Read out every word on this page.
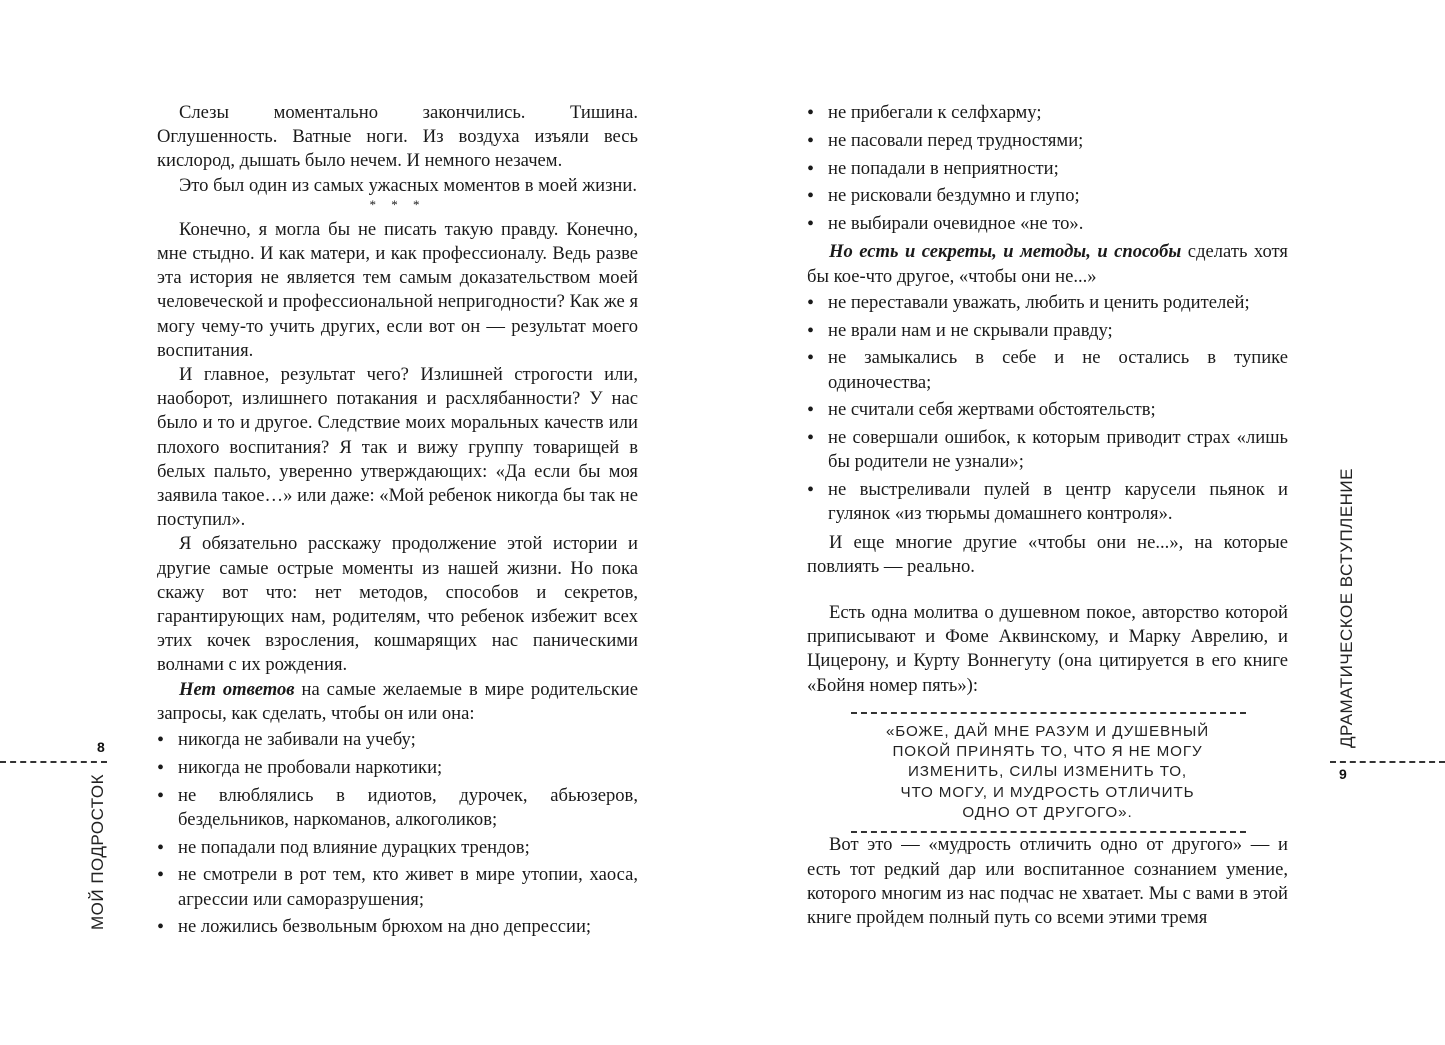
8
МОЙ ПОДРОСТОК

Слезы моментально закончились. Тишина. Оглушенность. Ватные ноги. Из воздуха изъяли весь кислород, дышать было нечем. И немного незачем.

Это был один из самых ужасных моментов в моей жизни.

* * *

Конечно, я могла бы не писать такую правду. Конечно, мне стыдно. И как матери, и как профессионалу. Ведь разве эта история не является тем самым доказательством моей человеческой и профессиональной непригодности? Как же я могу чему-то учить других, если вот он — результат моего воспитания.

И главное, результат чего? Излишней строгости или, наоборот, излишнего потакания и расхлябанности? У нас было и то и другое. Следствие моих моральных качеств или плохого воспитания? Я так и вижу группу товарищей в белых пальто, уверенно утверждающих: «Да если бы моя заявила такое…» или даже: «Мой ребенок никогда бы так не поступил».

Я обязательно расскажу продолжение этой истории и другие самые острые моменты из нашей жизни. Но пока скажу вот что: нет методов, способов и секретов, гарантирующих нам, родителям, что ребенок избежит всех этих кочек взросления, кошмарящих нас паническими волнами с их рождения.

Нет ответов на самые желаемые в мире родительские запросы, как сделать, чтобы он или она:

• никогда не забивали на учебу;
• никогда не пробовали наркотики;
• не влюблялись в идиотов, дурочек, абьюзеров, бездельников, наркоманов, алкоголиков;
• не попадали под влияние дурацких трендов;
• не смотрели в рот тем, кто живет в мире утопии, хаоса, агрессии или саморазрушения;
• не ложились безвольным брюхом на дно депрессии;
9
ДРАМАТИЧЕСКОЕ ВСТУПЛЕНИЕ
• не прибегали к селфхарму;
• не пасовали перед трудностями;
• не попадали в неприятности;
• не рисковали бездумно и глупо;
• не выбирали очевидное «не то».

Но есть и секреты, и методы, и способы сделать хотя бы кое-что другое, «чтобы они не...»

• не переставали уважать, любить и ценить родителей;
• не врали нам и не скрывали правду;
• не замыкались в себе и не остались в тупике одиночества;
• не считали себя жертвами обстоятельств;
• не совершали ошибок, к которым приводит страх «лишь бы родители не узнали»;
• не выстреливали пулей в центр карусели пьянок и гулянок «из тюрьмы домашнего контроля».

И еще многие другие «чтобы они не...», на которые повлиять — реально.

Есть одна молитва о душевном покое, авторство которой приписывают и Фоме Аквинскому, и Марку Аврелию, и Цицерону, и Курту Воннегуту (она цитируется в его книге «Бойня номер пять»):

«БОЖЕ, ДАЙ МНЕ РАЗУМ И ДУШЕВНЫЙ
ПОКОЙ ПРИНЯТЬ ТО, ЧТО Я НЕ МОГУ
ИЗМЕНИТЬ, СИЛЫ ИЗМЕНИТЬ ТО,
ЧТО МОГУ, И МУДРОСТЬ ОТЛИЧИТЬ
ОДНО ОТ ДРУГОГО».

Вот это — «мудрость отличить одно от другого» — и есть тот редкий дар или воспитанное сознанием умение, которого многим из нас подчас не хватает. Мы с вами в этой книге пройдем полный путь со всеми этими тремя
